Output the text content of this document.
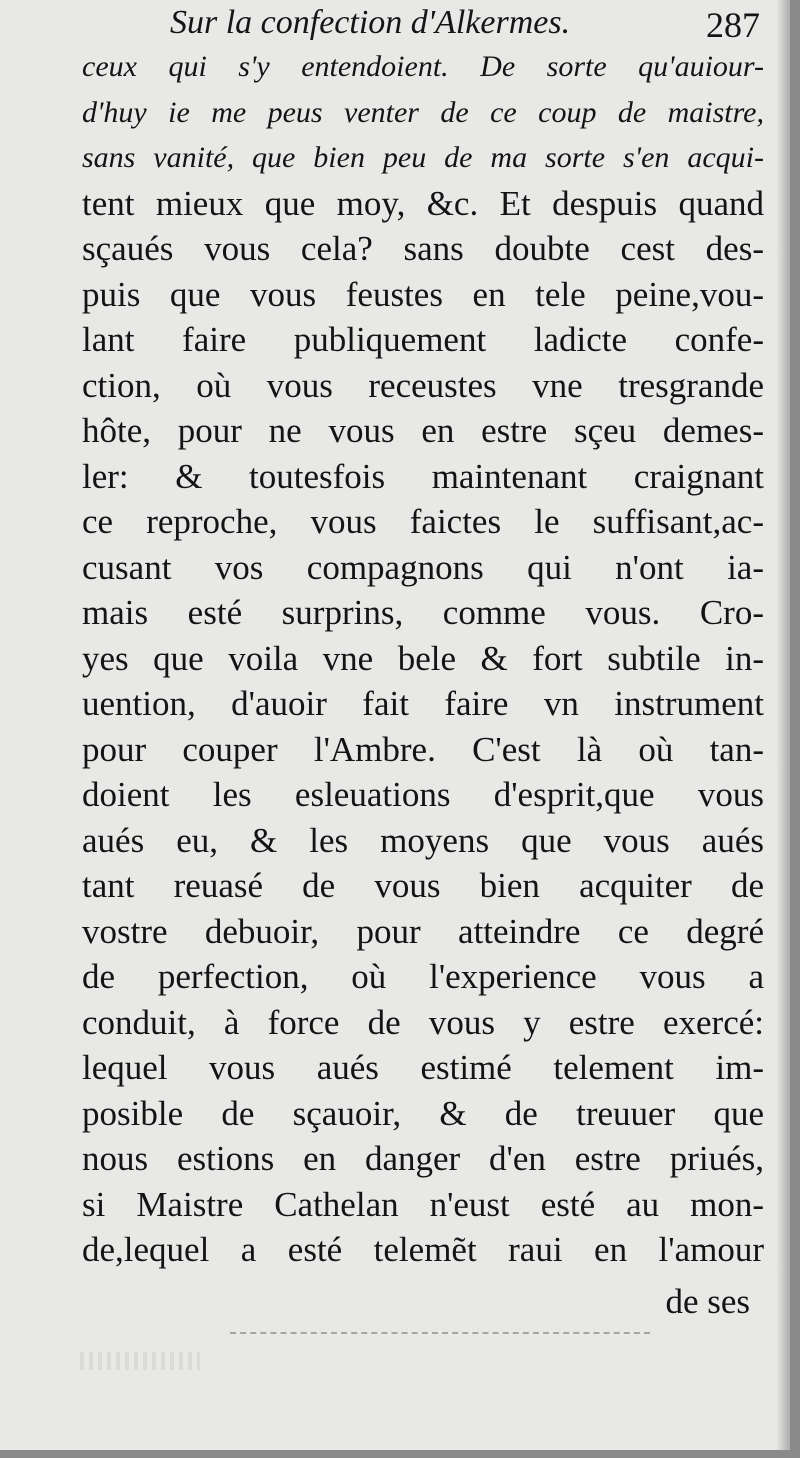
Sur la confection d'Alkermes.	287
ceux qui s'y entendoient. De sorte qu'auiour-
d'huy ie me peus venter de ce coup de maistre,
sans vanité, que bien peu de ma sorte s'en acqui-
tent mieux que moy, &c. Et despuis quand
sçaués vous cela? sans doubte cest des-
puis que vous feustes en tele peine,vou-
lant faire publiquement ladicte confe-
ction, où vous receustes vne tresgrande
hôte, pour ne vous en estre sçeu demes-
ler: & toutesfois maintenant craignant
ce reproche, vous faictes le suffisant,ac-
cusant vos compagnons qui n'ont ia-
mais esté surprins, comme vous. Cro-
yes que voila vne bele & fort subtile in-
uention, d'auoir fait faire vn instrument
pour couper l'Ambre. C'est là où tan-
doient les esleuations d'esprit,que vous
aués eu, & les moyens que vous aués
tant reuasé de vous bien acquiter de
vostre debuoir, pour atteindre ce degré
de perfection, où l'experience vous a
conduit, à force de vous y estre exercé:
lequel vous aués estimé telement im-
posible de sçauoir, & de treuuer que
nous estions en danger d'en estre priués,
si Maistre Cathelan n'eust esté au mon-
de,lequel a esté telemẽt raui en l'amour
de ses
